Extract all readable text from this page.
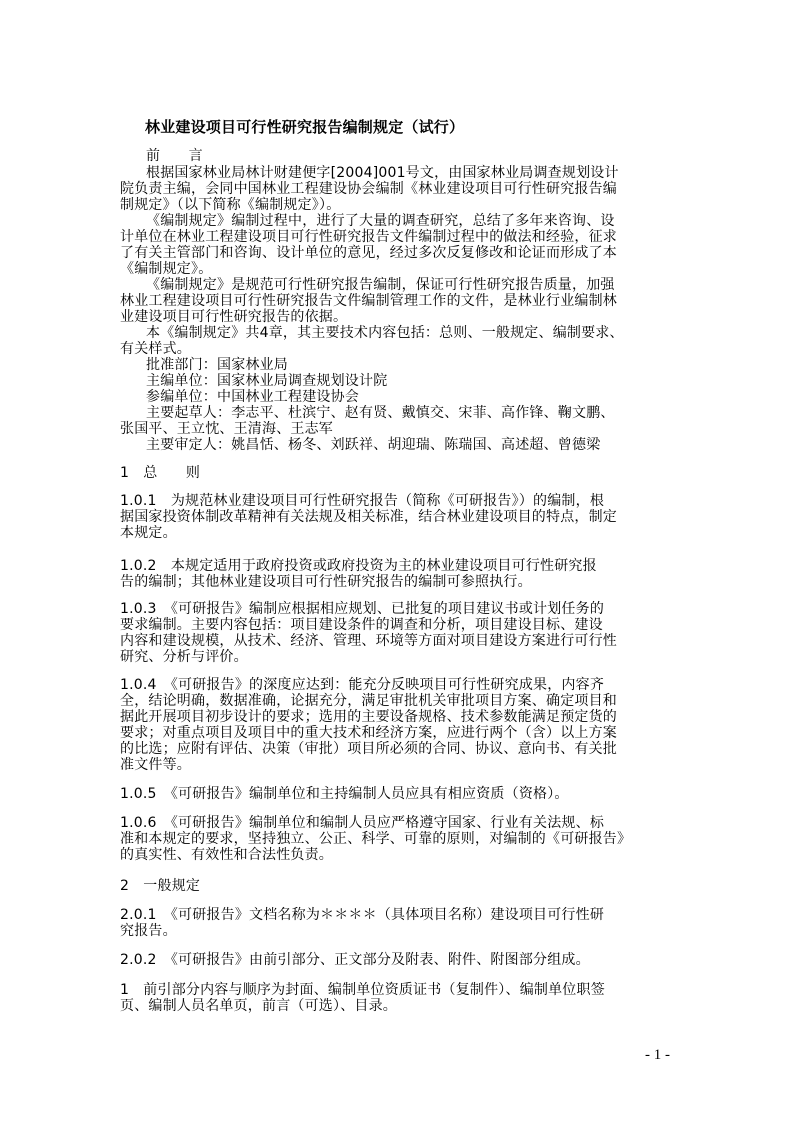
林业建设项目可行性研究报告编制规定（试行）
前　　言
根据国家林业局林计财建便字[2004]001号文，由国家林业局调查规划设计
院负责主编，会同中国林业工程建设协会编制《林业建设项目可行性研究报告编
制规定》（以下简称《编制规定》）。
《编制规定》编制过程中，进行了大量的调查研究，总结了多年来咨询、设
计单位在林业工程建设项目可行性研究报告文件编制过程中的做法和经验，征求
了有关主管部门和咨询、设计单位的意见，经过多次反复修改和论证而形成了本
《编制规定》。
《编制规定》是规范可行性研究报告编制，保证可行性研究报告质量，加强
林业工程建设项目可行性研究报告文件编制管理工作的文件，是林业行业编制林
业建设项目可行性研究报告的依据。
本《编制规定》共4章，其主要技术内容包括：总则、一般规定、编制要求、
有关样式。
批准部门：国家林业局
主编单位：国家林业局调查规划设计院
参编单位：中国林业工程建设协会
主要起草人：李志平、杜滨宁、赵有贤、戴慎交、宋菲、高作锋、鞠文鹏、
张国平、王立忱、王清海、王志军
主要审定人：姚昌恬、杨冬、刘跃祥、胡迎瑞、陈瑞国、高述超、曾德梁
1　总　　则
1.0.1　为规范林业建设项目可行性研究报告（简称《可研报告》）的编制，根
据国家投资体制改革精神有关法规及相关标准，结合林业建设项目的特点，制定
本规定。
1.0.2　本规定适用于政府投资或政府投资为主的林业建设项目可行性研究报
告的编制；其他林业建设项目可行性研究报告的编制可参照执行。
1.0.3　《可研报告》编制应根据相应规划、已批复的项目建议书或计划任务的
要求编制。主要内容包括：项目建设条件的调查和分析，项目建设目标、建设
内容和建设规模，从技术、经济、管理、环境等方面对项目建设方案进行可行性
研究、分析与评价。
1.0.4　《可研报告》的深度应达到：能充分反映项目可行性研究成果，内容齐
全，结论明确，数据准确，论据充分，满足审批机关审批项目方案、确定项目和
据此开展项目初步设计的要求；选用的主要设备规格、技术参数能满足预定货的
要求；对重点项目及项目中的重大技术和经济方案，应进行两个（含）以上方案
的比选；应附有评估、决策（审批）项目所必须的合同、协议、意向书、有关批
准文件等。
1.0.5　《可研报告》编制单位和主持编制人员应具有相应资质（资格）。
1.0.6　《可研报告》编制单位和编制人员应严格遵守国家、行业有关法规、标
准和本规定的要求，坚持独立、公正、科学、可靠的原则，对编制的《可研报告》
的真实性、有效性和合法性负责。
2　一般规定
2.0.1　《可研报告》文档名称为＊＊＊＊（具体项目名称）建设项目可行性研
究报告。
2.0.2　《可研报告》由前引部分、正文部分及附表、附件、附图部分组成。
1　前引部分内容与顺序为封面、编制单位资质证书（复制件）、编制单位职签
页、编制人员名单页，前言（可选）、目录。
- 1 -
